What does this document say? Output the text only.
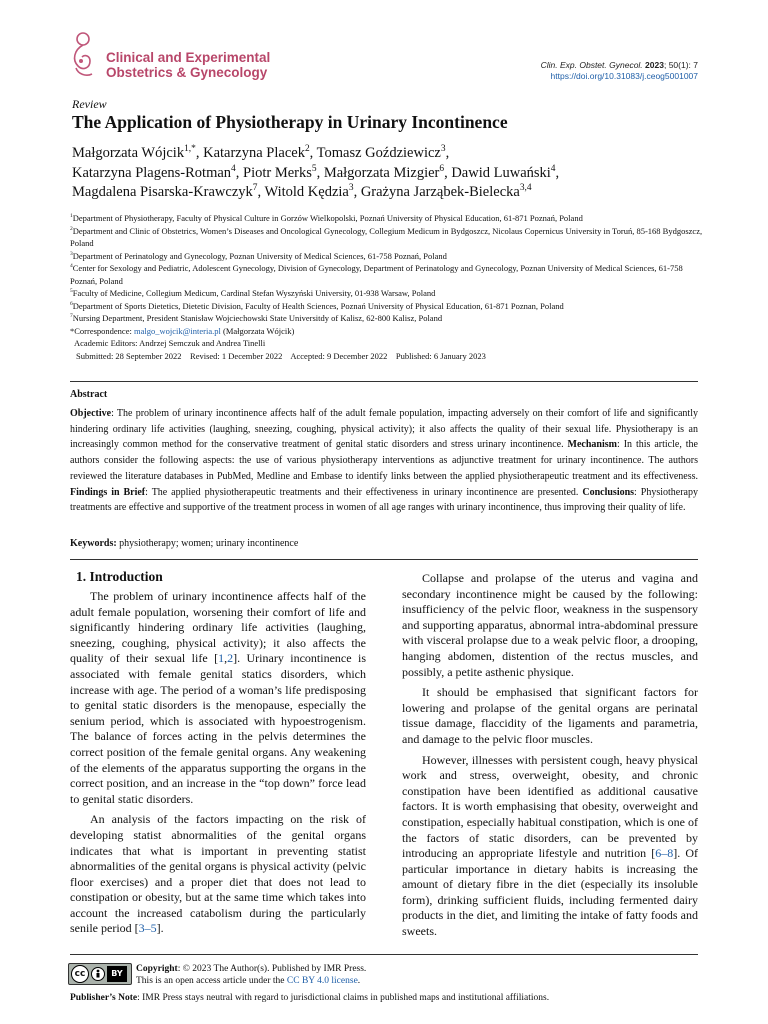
Clinical and Experimental
Obstetrics & Gynecology	Clin. Exp. Obstet. Gynecol. 2023; 50(1): 7
https://doi.org/10.31083/j.ceog5001007
Review
The Application of Physiotherapy in Urinary Incontinence
Małgorzata Wójcik$^{1,*}$, Katarzyna Placek$^2$, Tomasz Goździewicz$^3$,
Katarzyna Plagens-Rotman$^4$, Piotr Merks$^5$, Małgorzata Mizgier$^6$, Dawid Luwański$^4$,
Magdalena Pisarska-Krawczyk$^7$, Witold Kędzia$^3$, Grażyna Jarząbek-Bielecka$^{3,4}$
$^1$Department of Physiotherapy, Faculty of Physical Culture in Gorzów Wielkopolski, Poznań University of Physical Education, 61-871 Poznań, Poland
$^2$Department and Clinic of Obstetrics, Women’s Diseases and Oncological Gynecology, Collegium Medicum in Bydgoszcz, Nicolaus Copernicus University in Toruń, 85-168 Bydgoszcz, Poland
$^3$Department of Perinatology and Gynecology, Poznan University of Medical Sciences, 61-758 Poznań, Poland
$^4$Center for Sexology and Pediatric, Adolescent Gynecology, Division of Gynecology, Department of Perinatology and Gynecology, Poznan University of Medical Sciences, 61-758 Poznań, Poland
$^5$Faculty of Medicine, Collegium Medicum, Cardinal Stefan Wyszyński University, 01-938 Warsaw, Poland
$^6$Department of Sports Dietetics, Dietetic Division, Faculty of Health Sciences, Poznań University of Physical Education, 61-871 Poznan, Poland
$^7$Nursing Department, President Stanisław Wojciechowski State Universitdy of Kalisz, 62-800 Kalisz, Poland
*Correspondence: malgo_wojcik@interia.pl (Małgorzata Wójcik)
Academic Editors: Andrzej Semczuk and Andrea Tinelli
Submitted: 28 September 2022 Revised: 1 December 2022 Accepted: 9 December 2022 Published: 6 January 2023
Abstract
Objective: The problem of urinary incontinence affects half of the adult female population, impacting adversely on their comfort of life and significantly hindering ordinary life activities (laughing, sneezing, coughing, physical activity); it also affects the quality of their sexual life. Physiotherapy is an increasingly common method for the conservative treatment of genital static disorders and stress urinary incontinence. Mechanism: In this article, the authors consider the following aspects: the use of various physiotherapy interventions as adjunctive treatment for urinary incontinence. The authors reviewed the literature databases in PubMed, Medline and Embase to identify links between the applied physiotherapeutic treatment and its effectiveness. Findings in Brief: The applied physiotherapeutic treatments and their effectiveness in urinary incontinence are presented. Conclusions: Physiotherapy treatments are effective and supportive of the treatment process in women of all age ranges with urinary incontinence, thus improving their quality of life.
Keywords: physiotherapy; women; urinary incontinence
1. Introduction

The problem of urinary incontinence affects half of the adult female population, worsening their comfort of life and significantly hindering ordinary life activities (laughing, sneezing, coughing, physical activity); it also affects the quality of their sexual life [1,2]. Urinary incontinence is associated with female genital statics disorders, which increase with age. The period of a woman’s life predisposing to genital static disorders is the menopause, especially the senium period, which is associated with hypoestrogenism. The balance of forces acting in the pelvis determines the correct position of the female genital organs. Any weakening of the elements of the apparatus supporting the organs in the correct position, and an increase in the “top down” force lead to genital static disorders.

An analysis of the factors impacting on the risk of developing statist abnormalities of the genital organs indicates that what is important in preventing statist abnormalities of the genital organs is physical activity (pelvic floor exercises) and a proper diet that does not lead to constipation or obesity, but at the same time which takes into account the increased catabolism during the particularly senile period [3–5].

Collapse and prolapse of the uterus and vagina and secondary incontinence might be caused by the following: insufficiency of the pelvic floor, weakness in the suspensory and supporting apparatus, abnormal intra-abdominal pressure with visceral prolapse due to a weak pelvic floor, a drooping, hanging abdomen, distention of the rectus muscles, and possibly, a petite asthenic physique.

It should be emphasised that significant factors for lowering and prolapse of the genital organs are perinatal tissue damage, flaccidity of the ligaments and parametria, and damage to the pelvic floor muscles.

However, illnesses with persistent cough, heavy physical work and stress, overweight, obesity, and chronic constipation have been identified as additional causative factors. It is worth emphasising that obesity, overweight and constipation, especially habitual constipation, which is one of the factors of static disorders, can be prevented by introducing an appropriate lifestyle and nutrition [6–8]. Of particular importance in dietary habits is increasing the amount of dietary fibre in the diet (especially its insoluble form), drinking sufficient fluids, including fermented dairy products in the diet, and limiting the intake of fatty foods and sweets.

cc	BY	Copyright: © 2023 The Author(s). Published by IMR Press.
This is an open access article under the CC BY 4.0 license.
Publisher’s Note: IMR Press stays neutral with regard to jurisdictional claims in published maps and institutional affiliations.
